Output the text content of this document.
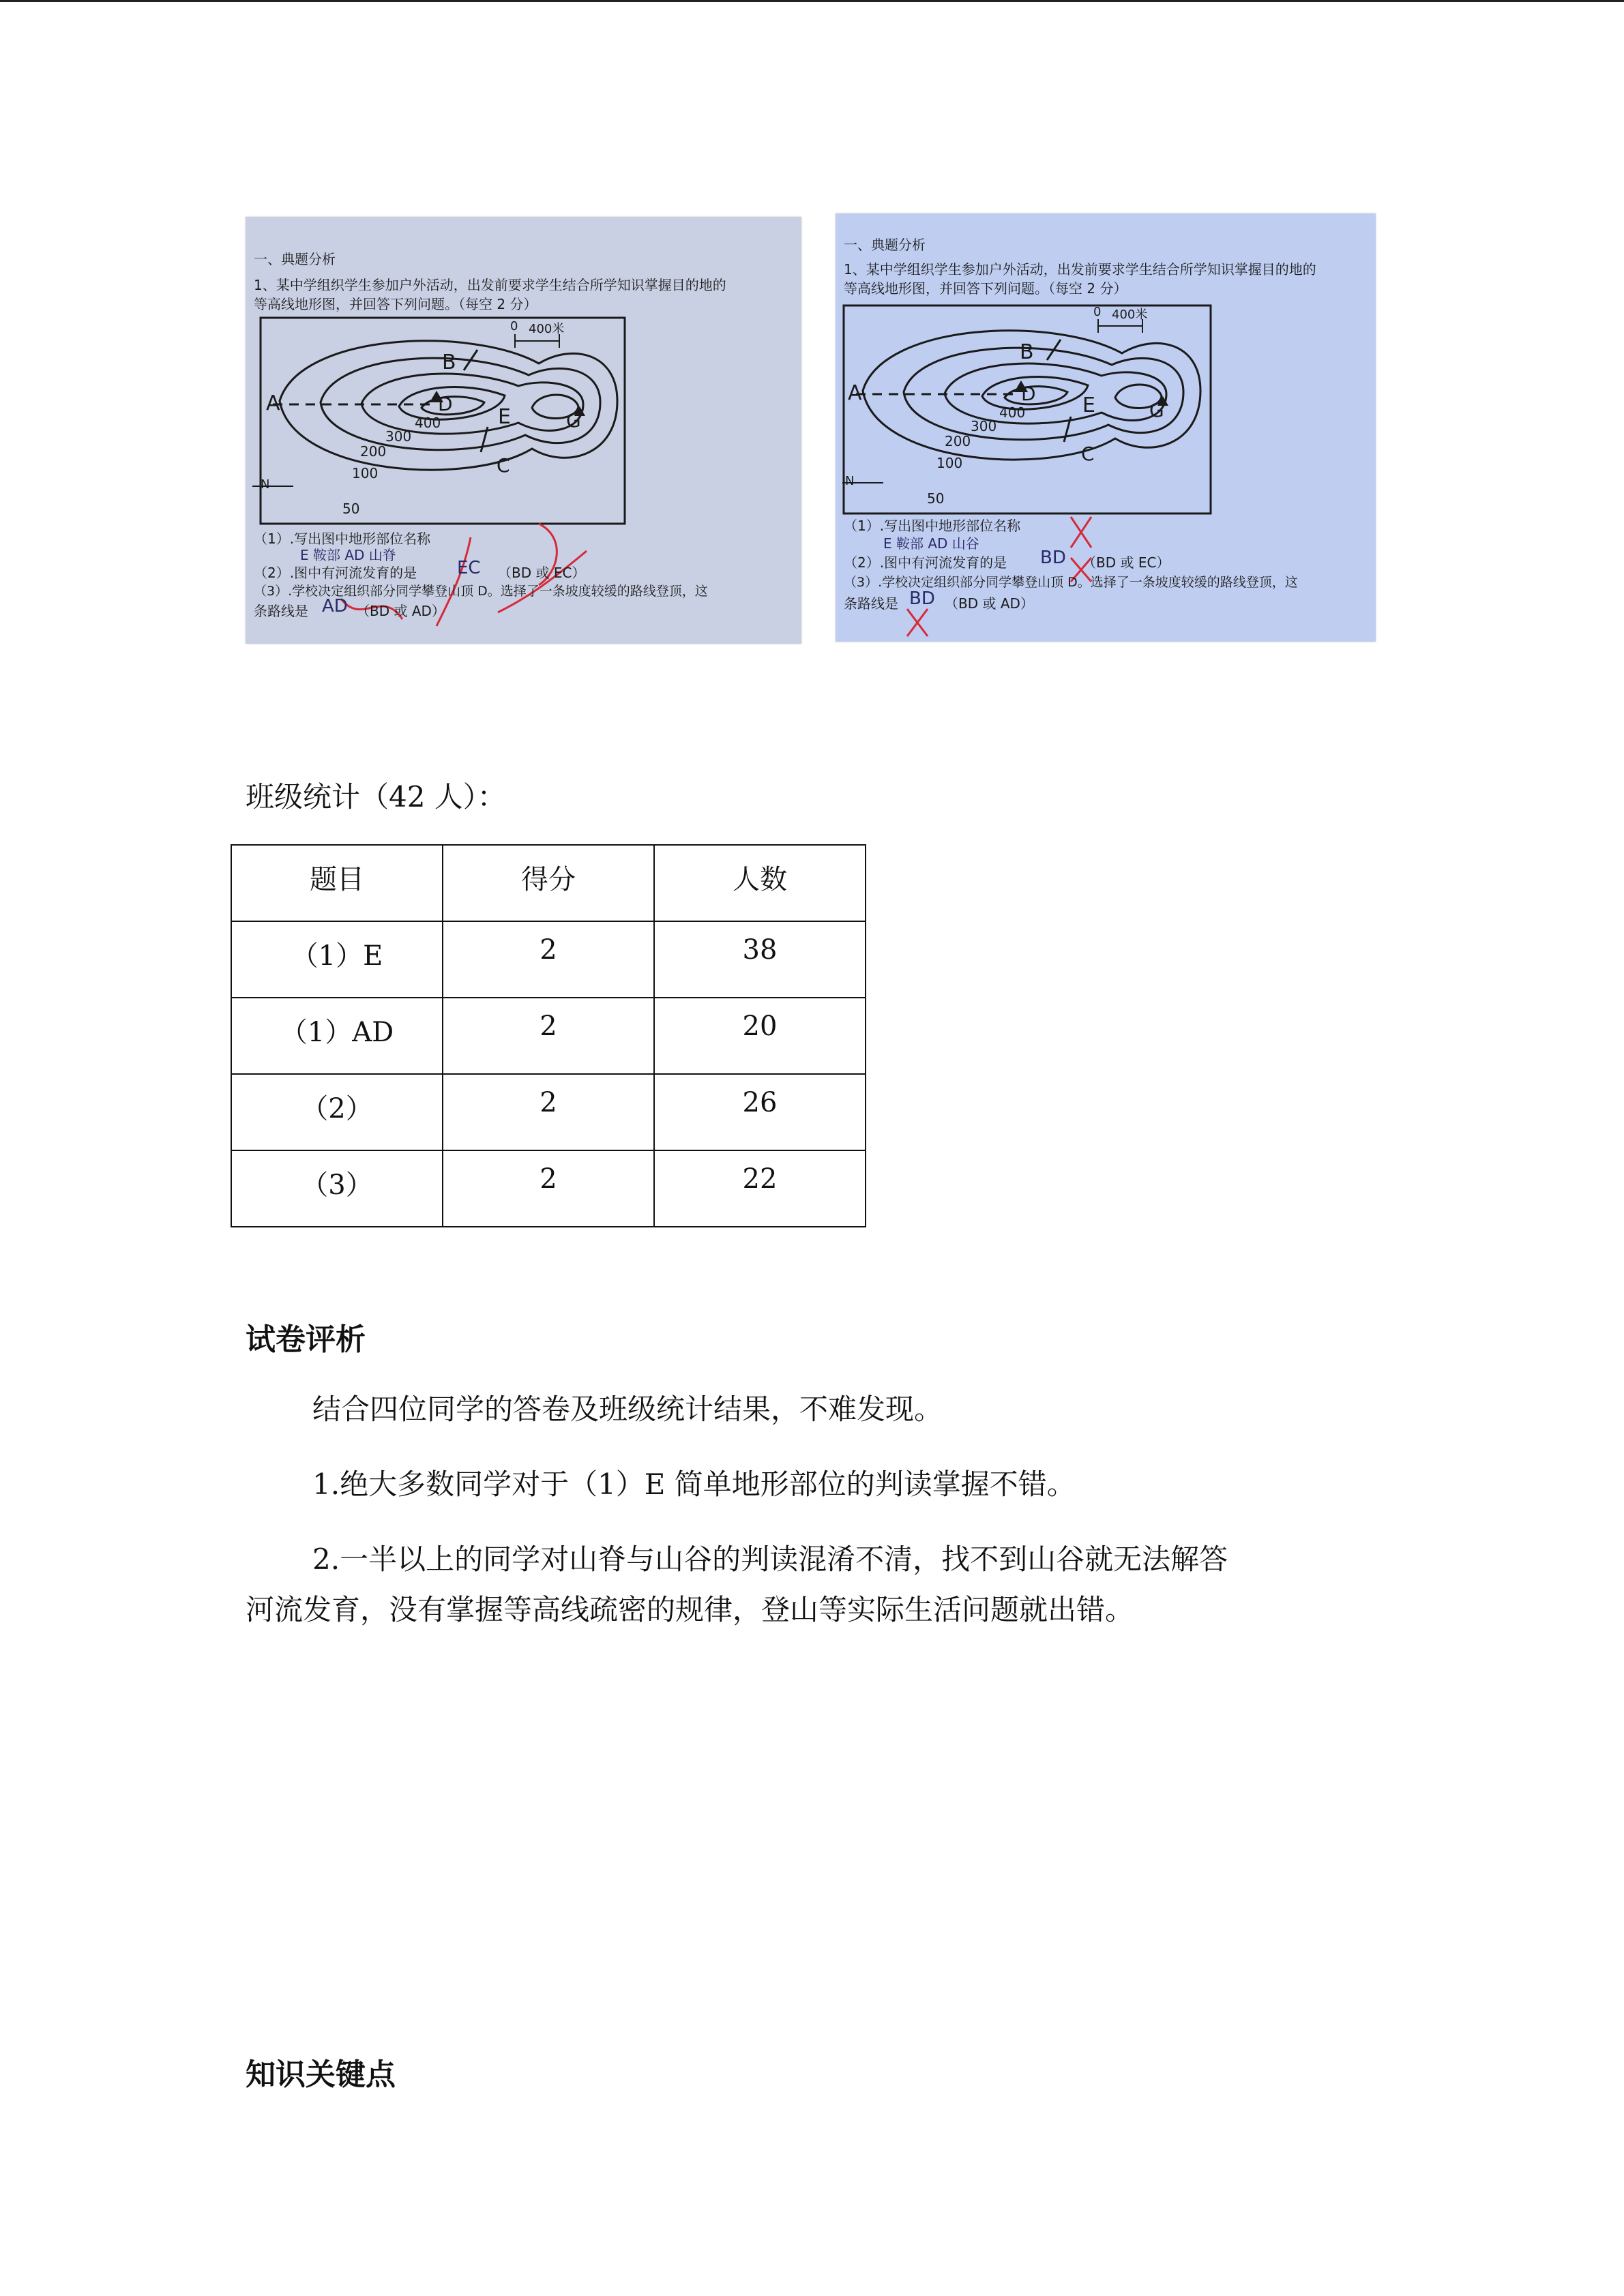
一、典题分析
1、某中学组织学生参加户外活动，出发前要求学生结合所学知识掌握目的地的
等高线地形图，并回答下列问题。（每空 2 分）
B
A	D
E	G
C
400
300
200
100
50
N
0 400米
（1）.写出图中地形部位名称
E 鞍部 AD 山脊
（2）.图中有河流发育的是 EC （BD 或 EC）
（3）.学校决定组织部分同学攀登山顶 D。选择了一条坡度较缓的路线登顶，这
条路线是 AD （BD 或 AD）
一、典题分析
1、某中学组织学生参加户外活动，出发前要求学生结合所学知识掌握目的地的
等高线地形图，并回答下列问题。（每空 2 分）
B
A	D E	G
C
400
300
200
100
50
N
0 400米
（1）.写出图中地形部位名称
E 鞍部 AD 山谷
（2）.图中有河流发育的是 BD （BD 或 EC）
（3）.学校决定组织部分同学攀登山顶 D。选择了一条坡度较缓的路线登顶，这
条路线是 BD （BD 或 AD）
班级统计（42 人）：
题目	得分	人数
（1）E	2	38
（1）AD	2	20
（2）	2	26
（3）	2	22
试卷评析
结合四位同学的答卷及班级统计结果，不难发现。
1.绝大多数同学对于（1）E 简单地形部位的判读掌握不错。
2.一半以上的同学对山脊与山谷的判读混淆不清，找不到山谷就无法解答
河流发育，没有掌握等高线疏密的规律，登山等实际生活问题就出错。
知识关键点
